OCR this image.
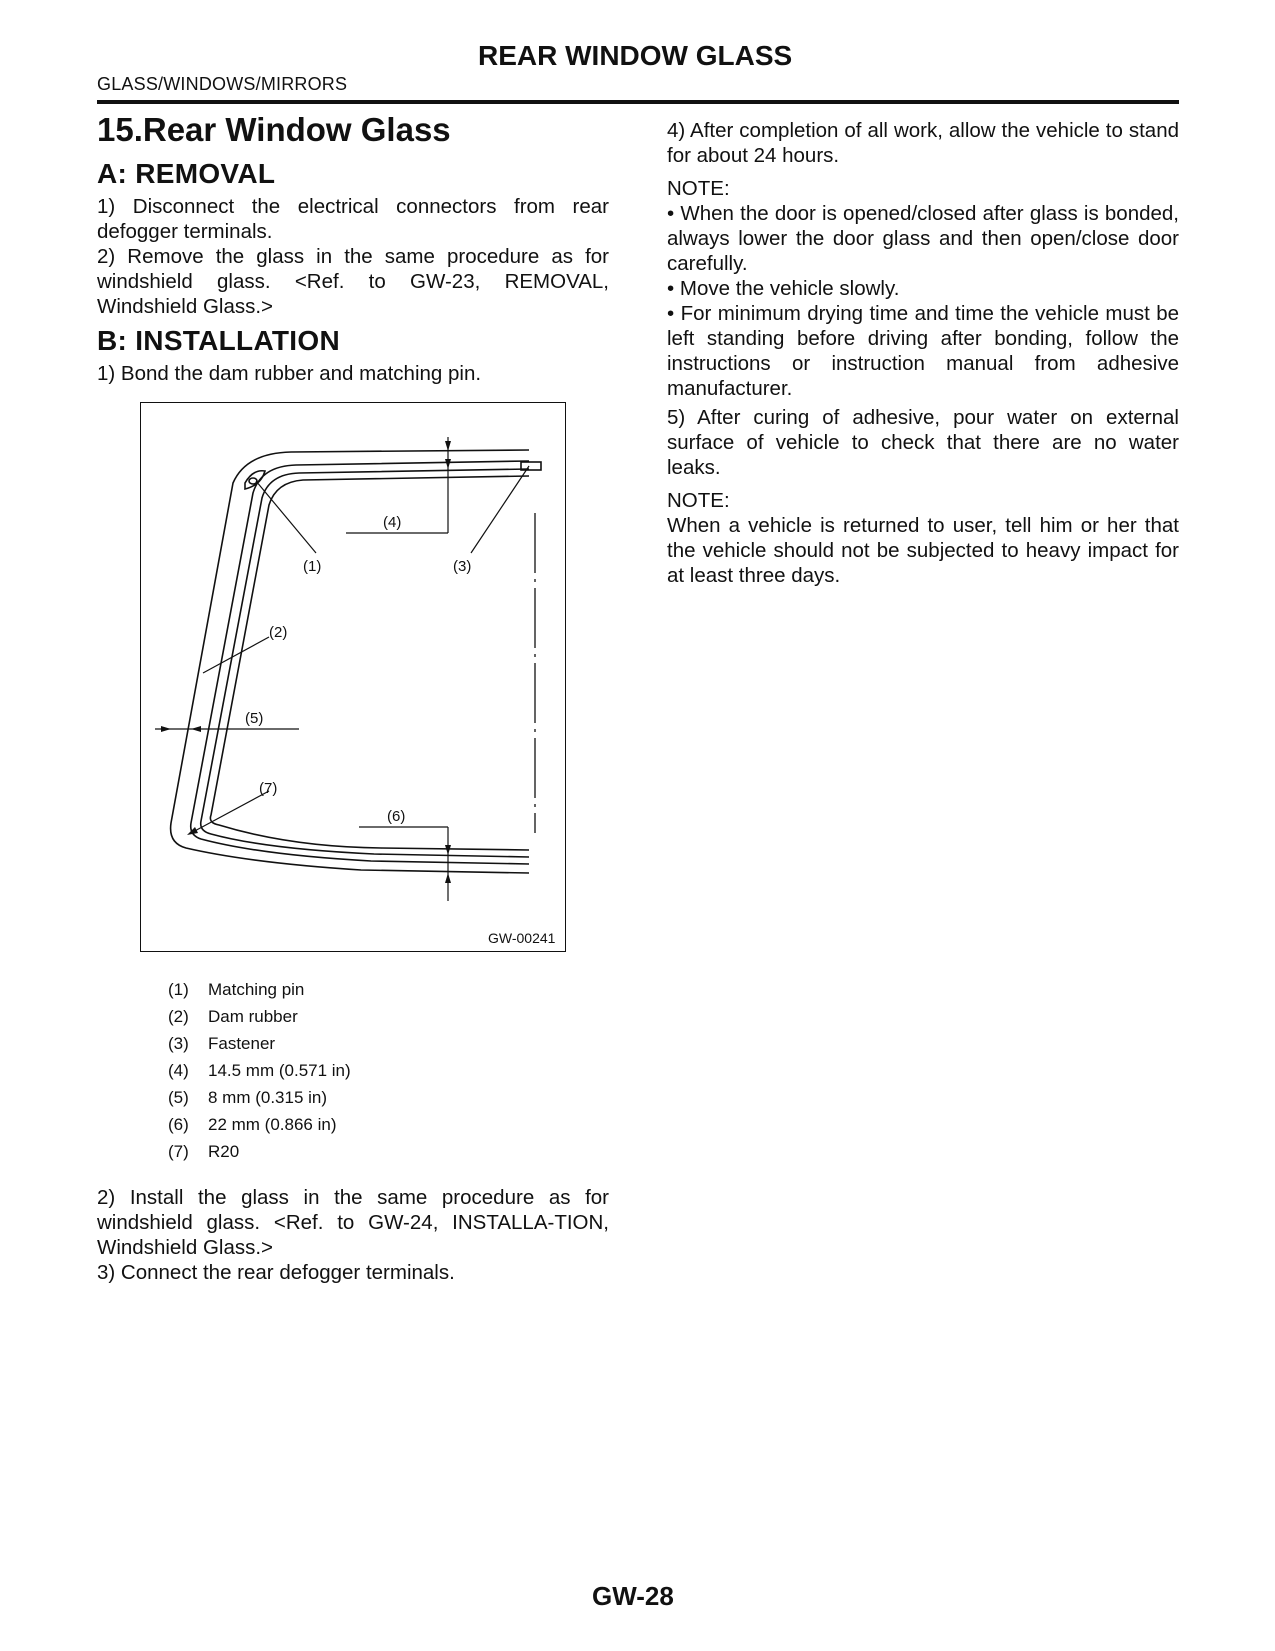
REAR WINDOW GLASS
GLASS/WINDOWS/MIRRORS
15.Rear Window Glass
A: REMOVAL

1) Disconnect the electrical connectors from rear defogger terminals.

2) Remove the glass in the same procedure as for windshield glass. <Ref. to GW-23, REMOVAL, Windshield Glass.>

B: INSTALLATION

1) Bond the dam rubber and matching pin.

(4)
(1)	(3)
(2)
(5)
(7)
(6)
GW-00241
(1)	Matching pin
(2)	Dam rubber
(3)	Fastener
(4)	14.5 mm (0.571 in)
(5)	8 mm (0.315 in)
(6)	22 mm (0.866 in)
(7)	R20

2) Install the glass in the same procedure as for windshield glass. <Ref. to GW-24, INSTALLA-TION, Windshield Glass.>

3) Connect the rear defogger terminals.

4) After completion of all work, allow the vehicle to stand for about 24 hours.

NOTE:

• When the door is opened/closed after glass is bonded, always lower the door glass and then open/close door carefully.

• Move the vehicle slowly.

• For minimum drying time and time the vehicle must be left standing before driving after bonding, follow the instructions or instruction manual from adhesive manufacturer.

5) After curing of adhesive, pour water on external surface of vehicle to check that there are no water leaks.

NOTE:

When a vehicle is returned to user, tell him or her that the vehicle should not be subjected to heavy impact for at least three days.

GW-28
